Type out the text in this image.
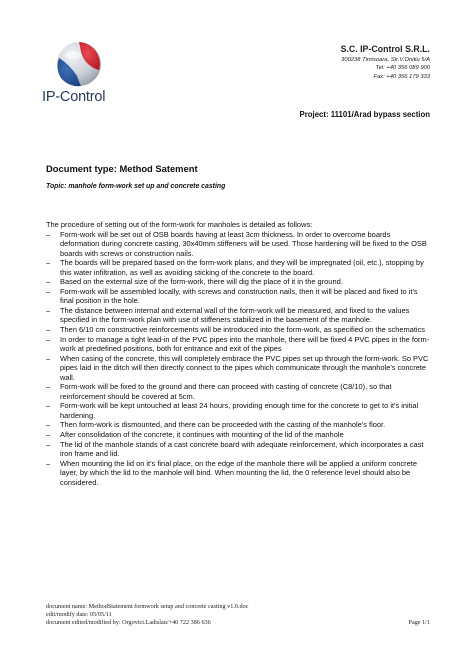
IP-Control
S.C. IP-Control S.R.L.
300238 Timisoara, Str.V.Onitiu 5/A
Tel: +40 356 089 900
Fax: +40 356 179 333
Project: 11101/Arad bypass section
Document type: Method Satement
Topic: manhole form-work set up and concrete casting
The procedure of setting out of the form-work for manholes is detailed as follows:
– Form-work will be set out of OSB boards having at least 3cm thickness. In order to overcome boards deformation during concrete casting, 30x40mm stiffeners will be used. Those hardening will be fixed to the OSB boards with screws or construction nails.
– The boards will be prepared based on the form-work plans, and they will be impregnated (oil, etc.), stopping by this water infiltration, as well as avoiding sticking of the concrete to the board.
– Based on the external size of the form-work, there will dig the place of it in the ground.
– Form-work will be assembled locally, with screws and construction nails, then it will be placed and fixed to it's final position in the hole.
– The distance between internal and external wall of the form-work will be measured, and fixed to the values specified in the form-work plan with use of stiffeners stabilized in the basement of the manhole.
– Then 6/10 cm constructive reinforcements will be introduced into the form-work, as specified on the schematics
– In order to manage a tight lead-in of the PVC pipes into the manhole, there will be fixed 4 PVC pipes in the form-work at predefined positions, both for entrance and exit of the pipes
– When casing of the concrete, this will completely embrace the PVC pipes set up through the form-work. So PVC pipes laid in the ditch will then directly connect to the pipes which communicate through the manhole's concrete wall.
– Form-work will be fixed to the ground and there can proceed with casting of concrete (C8/10), so that reinforcement should be covered at 5cm.
– Form-work will be kept untouched at least 24 hours, providing enough time for the concrete to get to it's initial hardening.
– Then form-work is dismounted, and there can be proceeded with the casting of the manhole's floor.
– After consolidation of the concrete, it continues with mounting of the lid of the manhole
– The lid of the manhole stands of a cast concrete board with adequate reinforcement, which incorporates a cast iron frame and lid.
– When mounting the lid on it's final place, on the edge of the manhole there will be applied a uniform concrete layer, by which the lid to the manhole will bind. When mounting the lid, the 0 reference level should also be considered.
document name: MethodStatement formwork setup and concrete casting v1.0.doc
edit/modify date: 05/05/11
document edited/modified by: Orgovici.Ladislau/+40 722 386 636	Page 1/1
